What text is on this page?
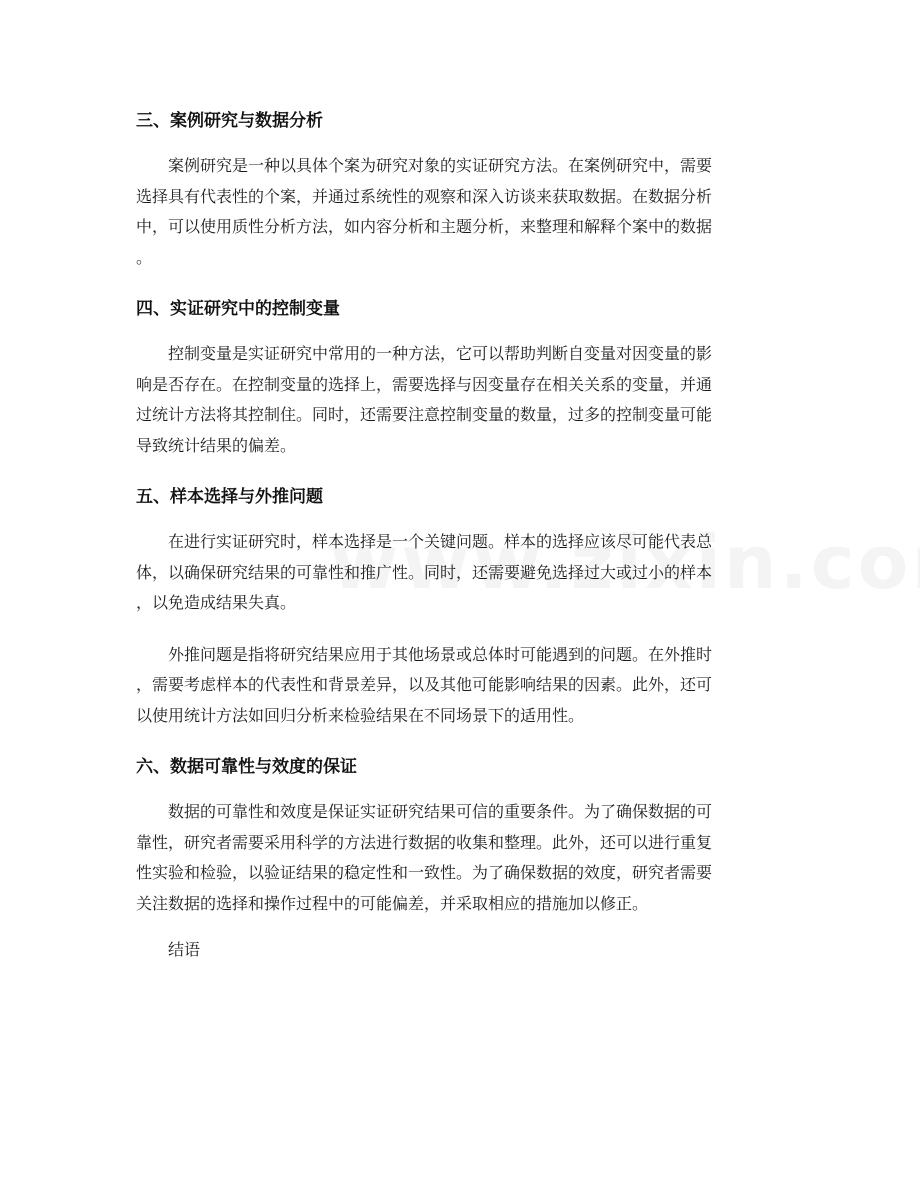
三、案例研究与数据分析

案例研究是一种以具体个案为研究对象的实证研究方法。在案例研究中，需要
选择具有代表性的个案，并通过系统性的观察和深入访谈来获取数据。在数据分析
中，可以使用质性分析方法，如内容分析和主题分析，来整理和解释个案中的数据
。

四、实证研究中的控制变量

控制变量是实证研究中常用的一种方法，它可以帮助判断自变量对因变量的影
响是否存在。在控制变量的选择上，需要选择与因变量存在相关关系的变量，并通
过统计方法将其控制住。同时，还需要注意控制变量的数量，过多的控制变量可能
导致统计结果的偏差。

五、样本选择与外推问题

在进行实证研究时，样本选择是一个关键问题。样本的选择应该尽可能代表总
体，以确保研究结果的可靠性和推广性。同时，还需要避免选择过大或过小的样本
，以免造成结果失真。

外推问题是指将研究结果应用于其他场景或总体时可能遇到的问题。在外推时
，需要考虑样本的代表性和背景差异，以及其他可能影响结果的因素。此外，还可
以使用统计方法如回归分析来检验结果在不同场景下的适用性。

六、数据可靠性与效度的保证

数据的可靠性和效度是保证实证研究结果可信的重要条件。为了确保数据的可
靠性，研究者需要采用科学的方法进行数据的收集和整理。此外，还可以进行重复
性实验和检验，以验证结果的稳定性和一致性。为了确保数据的效度，研究者需要
关注数据的选择和操作过程中的可能偏差，并采取相应的措施加以修正。

结语
